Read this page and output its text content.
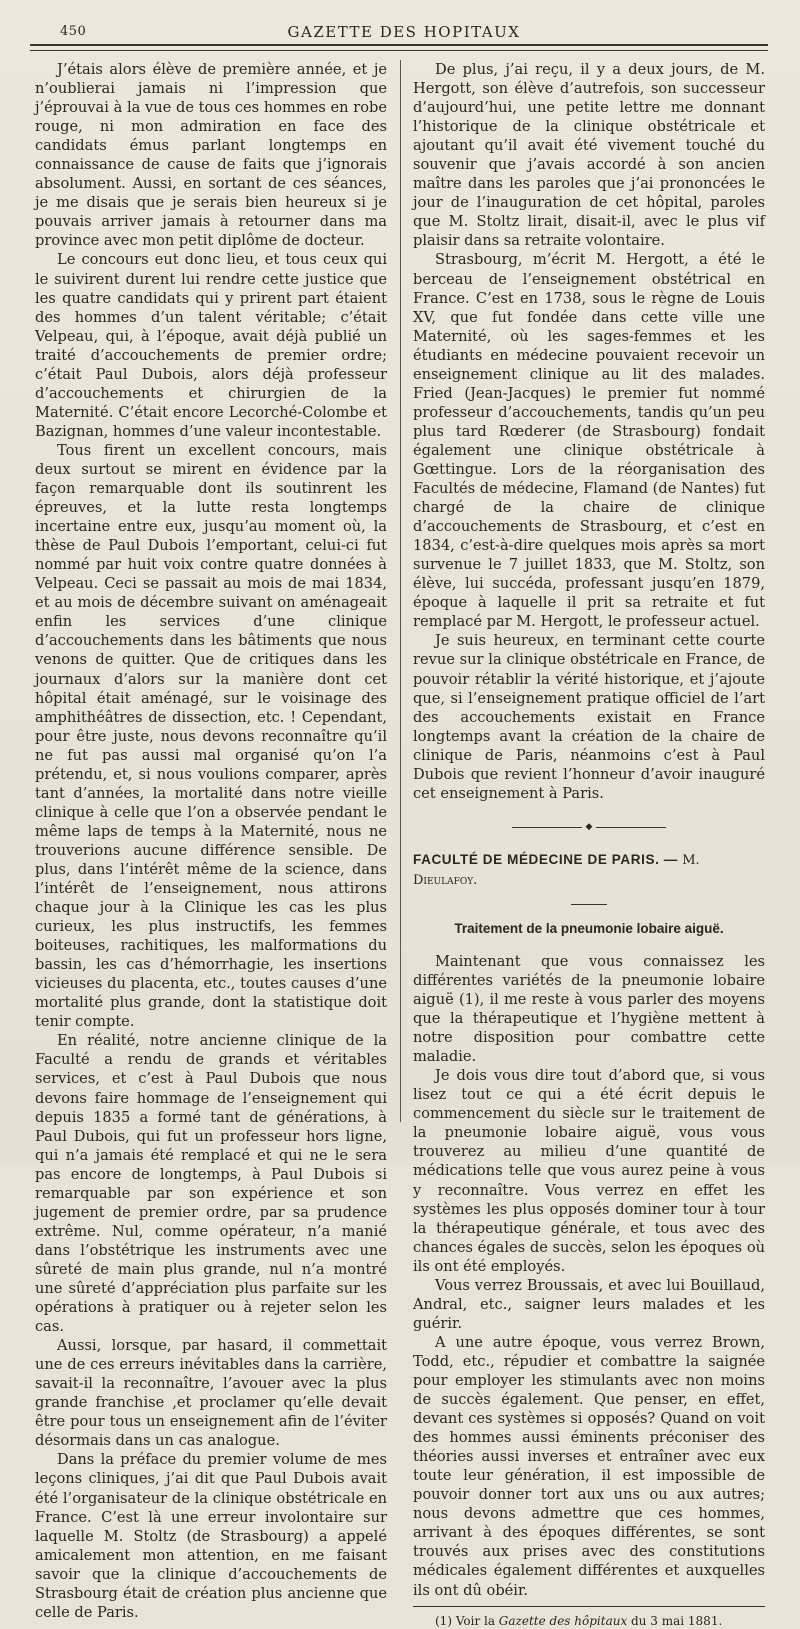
450	GAZETTE DES HOPITAUX

J’étais alors élève de première année, et je n’oublierai jamais ni l’impression que j’éprouvai à la vue de tous ces hommes en robe rouge, ni mon admiration en face des candidats émus parlant longtemps en connaissance de cause de faits que j’ignorais absolument. Aussi, en sortant de ces séances, je me disais que je serais bien heureux si je pouvais arriver jamais à retourner dans ma province avec mon petit diplôme de docteur.

Le concours eut donc lieu, et tous ceux qui le suivirent durent lui rendre cette justice que les quatre candidats qui y prirent part étaient des hommes d’un talent véritable; c’était Velpeau, qui, à l’époque, avait déjà publié un traité d’accouchements de premier ordre; c’était Paul Dubois, alors déjà professeur d’accouchements et chirurgien de la Maternité. C’était encore Lecorché-Colombe et Bazignan, hommes d’une valeur incontestable.

Tous firent un excellent concours, mais deux surtout se mirent en évidence par la façon remarquable dont ils soutinrent les épreuves, et la lutte resta longtemps incertaine entre eux, jusqu’au moment où, la thèse de Paul Dubois l’emportant, celui-ci fut nommé par huit voix contre quatre données à Velpeau. Ceci se passait au mois de mai 1834, et au mois de décembre suivant on aménageait enfin les services d’une clinique d’accouchements dans les bâtiments que nous venons de quitter. Que de critiques dans les journaux d’alors sur la manière dont cet hôpital était aménagé, sur le voisinage des amphithéâtres de dissection, etc. ! Cependant, pour être juste, nous devons reconnaître qu’il ne fut pas aussi mal organisé qu’on l’a prétendu, et, si nous voulions comparer, après tant d’années, la mortalité dans notre vieille clinique à celle que l’on a observée pendant le même laps de temps à la Maternité, nous ne trouverions aucune différence sensible. De plus, dans l’intérêt même de la science, dans l’intérêt de l’enseignement, nous attirons chaque jour à la Clinique les cas les plus curieux, les plus instructifs, les femmes boiteuses, rachitiques, les malformations du bassin, les cas d’hémorrhagie, les insertions vicieuses du placenta, etc., toutes causes d’une mortalité plus grande, dont la statistique doit tenir compte.

En réalité, notre ancienne clinique de la Faculté a rendu de grands et véritables services, et c’est à Paul Dubois que nous devons faire hommage de l’enseignement qui depuis 1835 a formé tant de générations, à Paul Dubois, qui fut un professeur hors ligne, qui n’a jamais été remplacé et qui ne le sera pas encore de longtemps, à Paul Dubois si remarquable par son expérience et son jugement de premier ordre, par sa prudence extrême. Nul, comme opérateur, n’a manié dans l’obstétrique les instruments avec une sûreté de main plus grande, nul n’a montré une sûreté d’appréciation plus parfaite sur les opérations à pratiquer ou à rejeter selon les cas.

Aussi, lorsque, par hasard, il commettait une de ces erreurs inévitables dans la carrière, savait-il la reconnaître, l’avouer avec la plus grande franchise ,et proclamer qu’elle devait être pour tous un enseignement afin de l’éviter désormais dans un cas analogue.

Dans la préface du premier volume de mes leçons cliniques, j’ai dit que Paul Dubois avait été l’organisateur de la clinique obstétricale en France. C’est là une erreur involontaire sur laquelle M. Stoltz (de Strasbourg) a appelé amicalement mon attention, en me faisant savoir que la clinique d’accouchements de Strasbourg était de création plus ancienne que celle de Paris.

De plus, j’ai reçu, il y a deux jours, de M. Hergott, son élève d’autrefois, son successeur d’aujourd’hui, une petite lettre me donnant l’historique de la clinique obstétricale et ajoutant qu’il avait été vivement touché du souvenir que j’avais accordé à son ancien maître dans les paroles que j’ai prononcées le jour de l’inauguration de cet hôpital, paroles que M. Stoltz lirait, disait-il, avec le plus vif plaisir dans sa retraite volontaire.

Strasbourg, m’écrit M. Hergott, a été le berceau de l’enseignement obstétrical en France. C’est en 1738, sous le règne de Louis XV, que fut fondée dans cette ville une Maternité, où les sages-femmes et les étudiants en médecine pouvaient recevoir un enseignement clinique au lit des malades. Fried (Jean-Jacques) le premier fut nommé professeur d’accouchements, tandis qu’un peu plus tard Rœderer (de Strasbourg) fondait également une clinique obstétricale à Gœttingue. Lors de la réorganisation des Facultés de médecine, Flamand (de Nantes) fut chargé de la chaire de clinique d’accouchements de Strasbourg, et c’est en 1834, c’est-à-dire quelques mois après sa mort survenue le 7 juillet 1833, que M. Stoltz, son élève, lui succéda, professant jusqu’en 1879, époque à laquelle il prit sa retraite et fut remplacé par M. Hergott, le professeur actuel.

Je suis heureux, en terminant cette courte revue sur la clinique obstétricale en France, de pouvoir rétablir la vérité historique, et j’ajoute que, si l’enseignement pratique officiel de l’art des accouchements existait en France longtemps avant la création de la chaire de clinique de Paris, néanmoins c’est à Paul Dubois que revient l’honneur d’avoir inauguré cet enseignement à Paris.

◆
FACULTÉ DE MÉDECINE DE PARIS. — M. Dieulafoy.
Traitement de la pneumonie lobaire aiguë.

Maintenant que vous connaissez les différentes variétés de la pneumonie lobaire aiguë (1), il me reste à vous parler des moyens que la thérapeutique et l’hygiène mettent à notre disposition pour combattre cette maladie.

Je dois vous dire tout d’abord que, si vous lisez tout ce qui a été écrit depuis le commencement du siècle sur le traitement de la pneumonie lobaire aiguë, vous vous trouverez au milieu d’une quantité de médications telle que vous aurez peine à vous y reconnaître. Vous verrez en effet les systèmes les plus opposés dominer tour à tour la thérapeutique générale, et tous avec des chances égales de succès, selon les époques où ils ont été employés.

Vous verrez Broussais, et avec lui Bouillaud, Andral, etc., saigner leurs malades et les guérir.

A une autre époque, vous verrez Brown, Todd, etc., répudier et combattre la saignée pour employer les stimulants avec non moins de succès également. Que penser, en effet, devant ces systèmes si opposés? Quand on voit des hommes aussi éminents préconiser des théories aussi inverses et entraîner avec eux toute leur génération, il est impossible de pouvoir donner tort aux uns ou aux autres; nous devons admettre que ces hommes, arrivant à des époques différentes, se sont trouvés aux prises avec des constitutions médicales également différentes et auxquelles ils ont dû obéir.

(1) Voir la Gazette des hôpitaux du 3 mai 1881.
